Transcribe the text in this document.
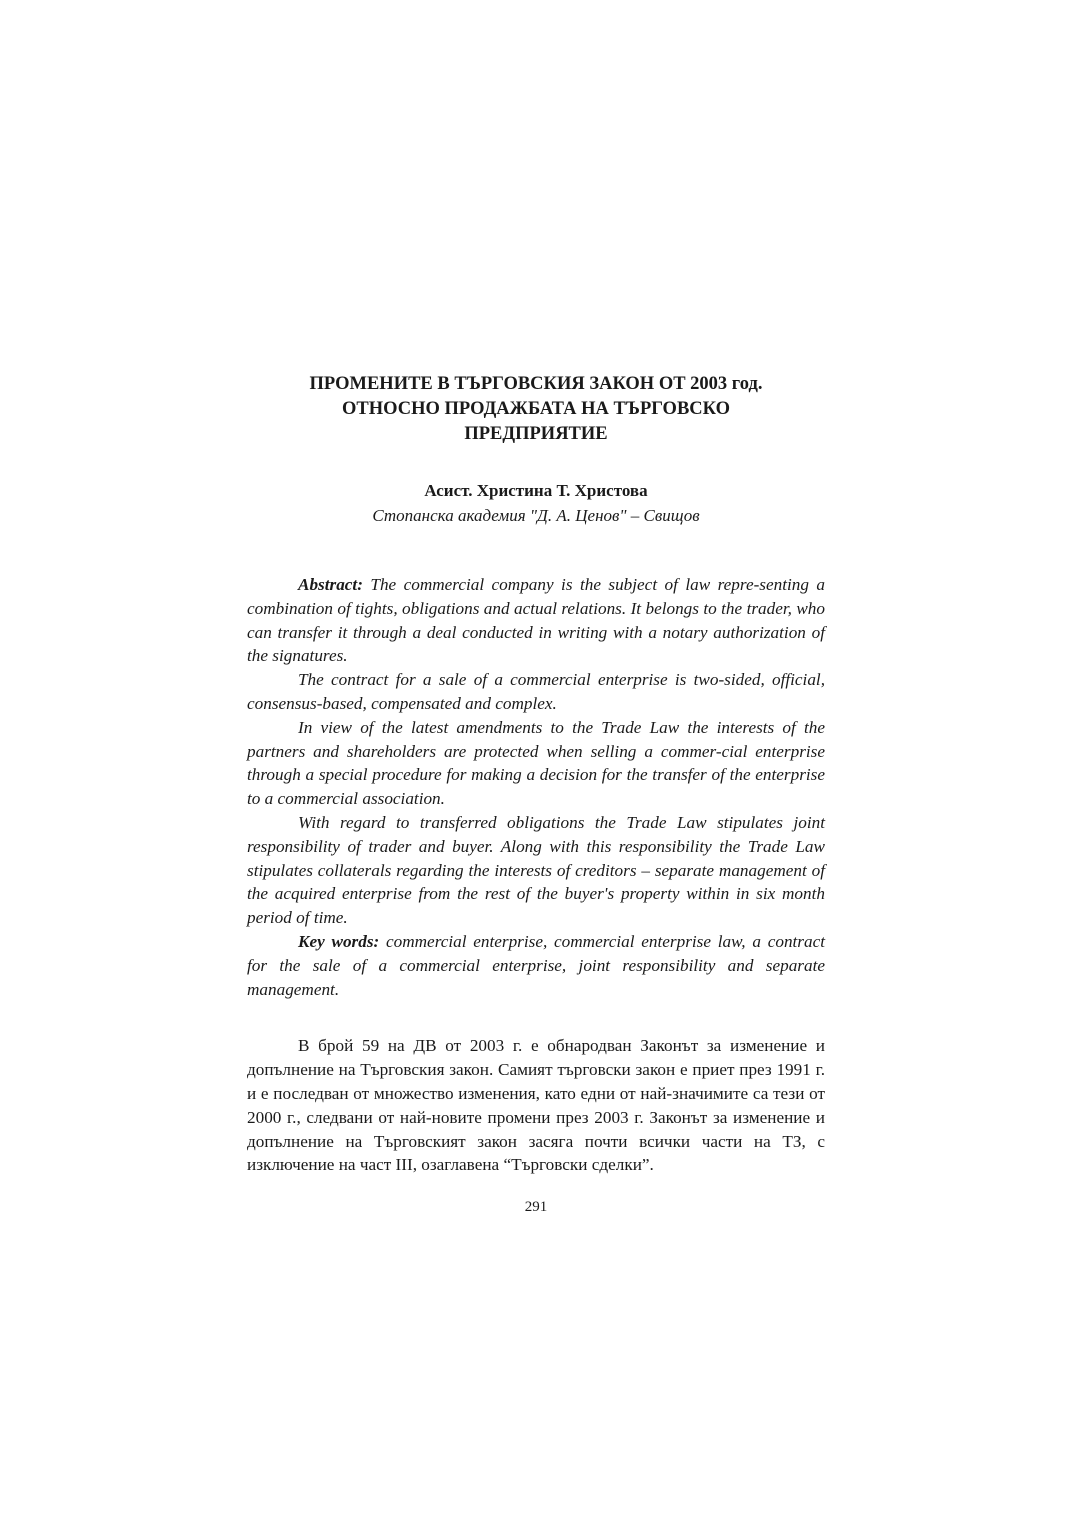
ПРОМЕНИТЕ В ТЪРГОВСКИЯ ЗАКОН ОТ 2003 год.
ОТНОСНО ПРОДАЖБАТА НА ТЪРГОВСКО
ПРЕДПРИЯТИЕ
Асист. Христина Т. Христова
Стопанска академия "Д. А. Ценов" – Свищов

Abstract: The commercial company is the subject of law repre-senting a combination of tights, obligations and actual relations. It belongs to the trader, who can transfer it through a deal conducted in writing with a notary authorization of the signatures.

The contract for a sale of a commercial enterprise is two-sided, official, consensus-based, compensated and complex.

In view of the latest amendments to the Trade Law the interests of the partners and shareholders are protected when selling a commer-cial enterprise through a special procedure for making a decision for the transfer of the enterprise to a commercial association.

With regard to transferred obligations the Trade Law stipulates joint responsibility of trader and buyer. Along with this responsibility the Trade Law stipulates collaterals regarding the interests of creditors – separate management of the acquired enterprise from the rest of the buyer's property within in six month period of time.

Key words: commercial enterprise, commercial enterprise law, a contract for the sale of a commercial enterprise, joint responsibility and separate management.

В брой 59 на ДВ от 2003 г. е обнародван Законът за изменение и допълнение на Търговския закон. Самият търговски закон е приет през 1991 г. и е последван от множество изменения, като едни от най-значимите са тези от 2000 г., следвани от най-новите промени през 2003 г. Законът за изменение и допълнение на Търговският закон засяга почти всички части на ТЗ, с изключение на част III, озаглавена “Търговски сделки”.

291
